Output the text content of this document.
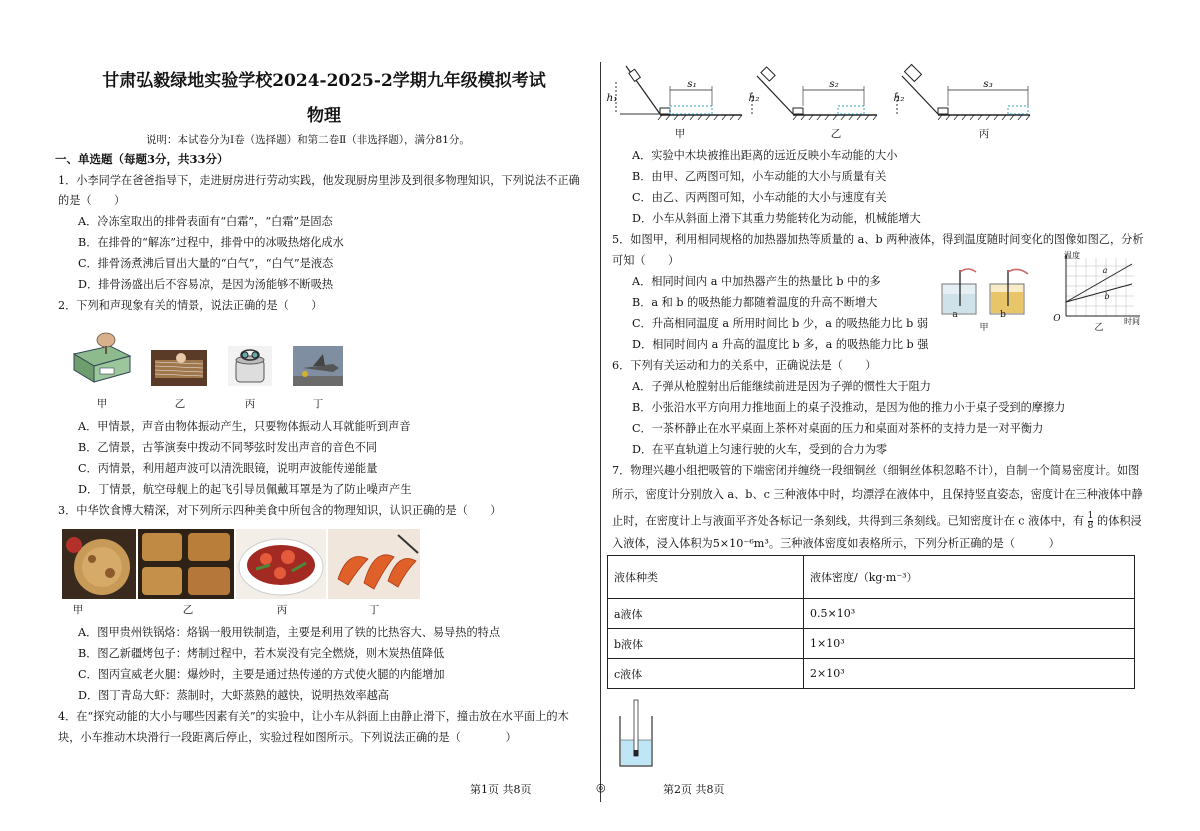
甘肃弘毅绿地实验学校2024-2025-2学期九年级模拟考试
物理
说明：本试卷分为Ⅰ卷（选择题）和第二卷Ⅱ（非选择题），满分81分。
一、单选题（每题3分，共33分）
1．小李同学在爸爸指导下，走进厨房进行劳动实践，他发现厨房里涉及到很多物理知识，下列说法不正确
的是（　　）
A．冷冻室取出的排骨表面有“白霜”，“白霜”是固态
B．在排骨的“解冻”过程中，排骨中的冰吸热熔化成水
C．排骨汤煮沸后冒出大量的“白气”，“白气”是液态
D．排骨汤盛出后不容易凉，是因为汤能够不断吸热
2．下列和声现象有关的情景，说法正确的是（　　）
甲	乙	丙	丁
A．甲情景，声音由物体振动产生，只要物体振动人耳就能听到声音
B．乙情景，古筝演奏中拨动不同琴弦时发出声音的音色不同
C．丙情景，利用超声波可以清洗眼镜，说明声波能传递能量
D．丁情景，航空母舰上的起飞引导员佩戴耳罩是为了防止噪声产生
3．中华饮食博大精深，对下列所示四种美食中所包含的物理知识，认识正确的是（　　）
甲	乙	丙	丁
A．图甲贵州铁锅烙：烙锅一般用铁制造，主要是利用了铁的比热容大、易导热的特点
B．图乙新疆烤包子：烤制过程中，若木炭没有完全燃烧，则木炭热值降低
C．图丙宣威老火腿：爆炒时，主要是通过热传递的方式使火腿的内能增加
D．图丁青岛大虾：蒸制时，大虾蒸熟的越快，说明热效率越高
4．在“探究动能的大小与哪些因素有关”的实验中，让小车从斜面上由静止滑下，撞击放在水平面上的木
块，小车推动木块滑行一段距离后停止，实验过程如图所示。下列说法正确的是（　　　　）
h₁	h₂	h₂
s₁	s₂	s₃
甲	乙	丙
A．实验中木块被推出距离的远近反映小车动能的大小
B．由甲、乙两图可知，小车动能的大小与质量有关
C．由乙、丙两图可知，小车动能的大小与速度有关
D．小车从斜面上滑下其重力势能转化为动能，机械能增大
5．如图甲，利用相同规格的加热器加热等质量的 a、b 两种液体，得到温度随时间变化的图像如图乙，分析
可知（　　）
A．相同时间内 a 中加热器产生的热量比 b 中的多
B．a 和 b 的吸热能力都随着温度的升高不断增大
C．升高相同温度 a 所用时间比 b 少，a 的吸热能力比 b 弱
D．相同时间内 a 升高的温度比 b 多，a 的吸热能力比 b 强
a	b
甲
温度
时间
O
乙
a
b
6．下列有关运动和力的关系中，正确说法是（　　）
A．子弹从枪膛射出后能继续前进是因为子弹的惯性大于阻力
B．小张沿水平方向用力推地面上的桌子没推动，是因为他的推力小于桌子受到的摩擦力
C．一茶杯静止在水平桌面上茶杯对桌面的压力和桌面对茶杯的支持力是一对平衡力
D．在平直轨道上匀速行驶的火车，受到的合力为零
7．物理兴趣小组把吸管的下端密闭并缠绕一段细铜丝（细铜丝体积忽略不计），自制一个简易密度计。如图
所示，密度计分别放入 a、b、c 三种液体中时，均漂浮在液体中，且保持竖直姿态，密度计在三种液体中静
止时，在密度计上与液面平齐处各标记一条刻线，共得到三条刻线。已知密度计在 c 液体中，有 $\frac{1}{8}$ 的体积浸
入液体，浸入体积为5×10⁻⁶m³。三种液体密度如表格所示，下列分析正确的是（　　　）
液体种类	液体密度/（kg·m⁻³）
a液体	0.5×10³
b液体	1×10³
c液体	2×10³
第1页 共8页	◎	第2页 共8页
